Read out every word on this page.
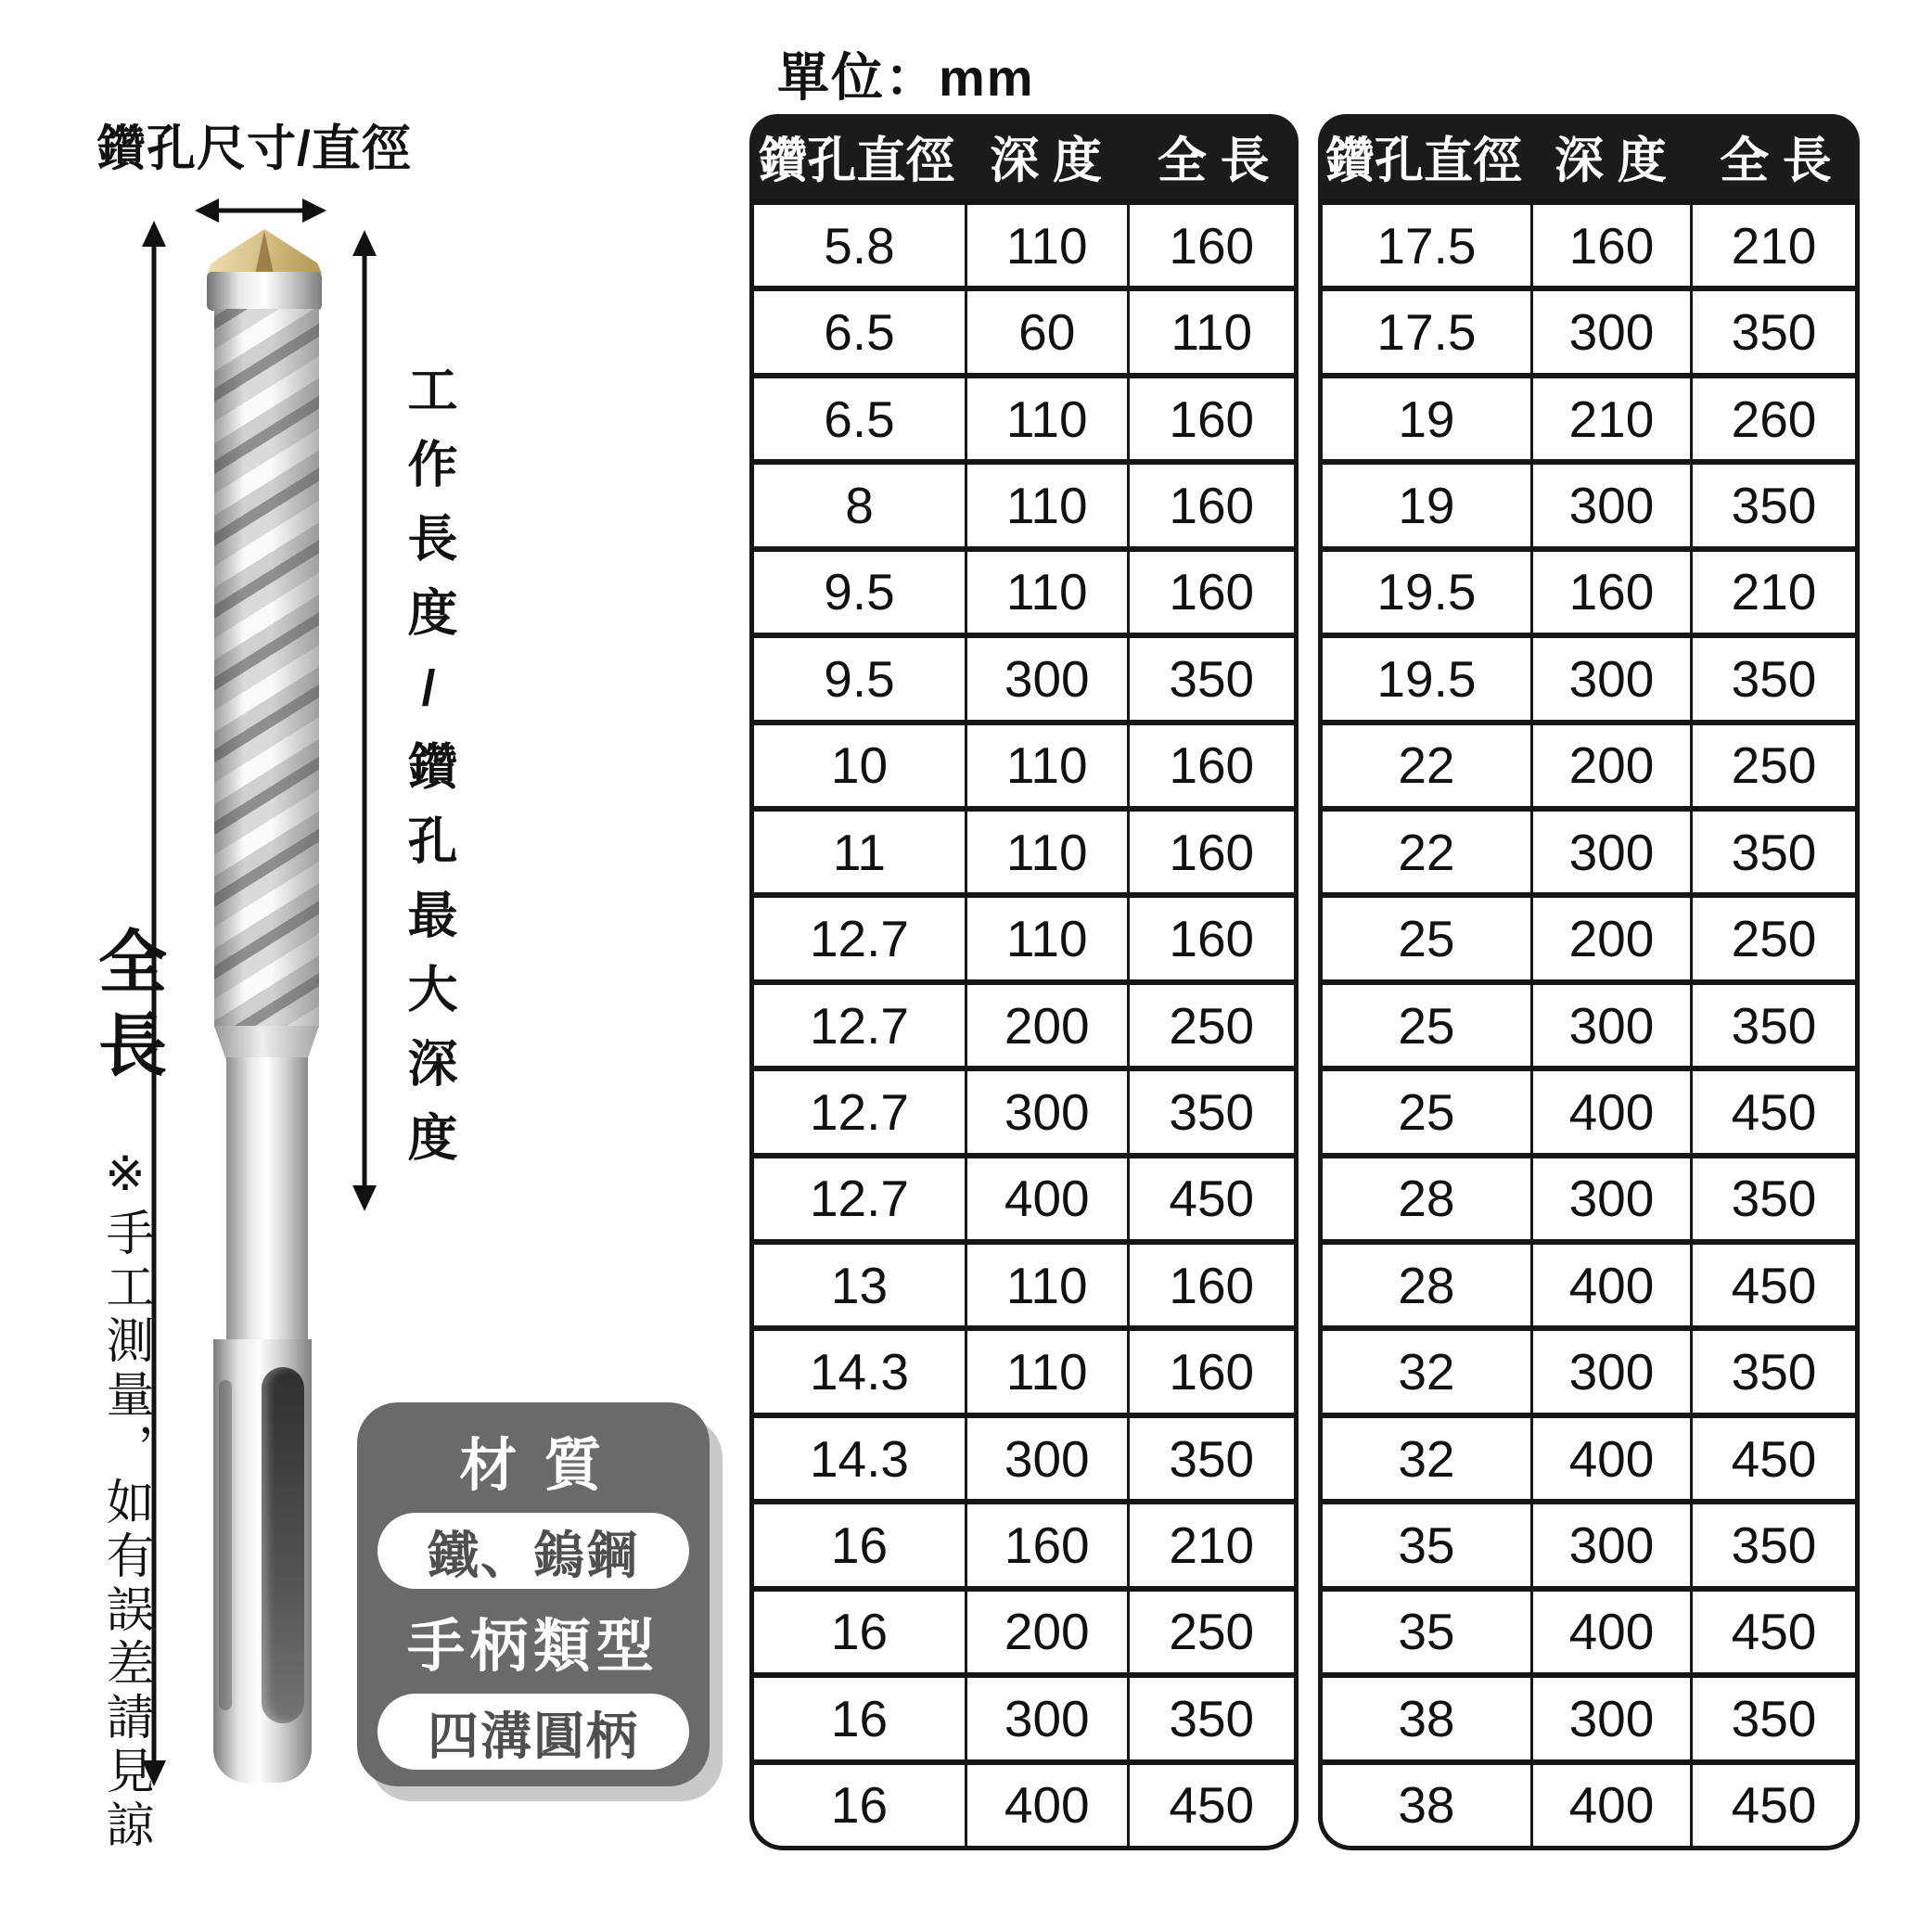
單位：mm
鑽孔尺寸/直徑
工作長度/鑽孔最大深度
全長
※手工測量，如有誤差請見諒	材 質
鐵、鎢鋼
手柄類型
四溝圓柄
鑽孔直徑 深 度	全 長
5.8	110	160
6.5	60	110
6.5	110	160
8	110	160
9.5	110	160
9.5	300	350
10	110	160
11	110	160
12.7	110	160
12.7	200	250
12.7	300	350
12.7	400	450
13	110	160
14.3	110	160
14.3	300	350
16	160	210
16	200	250
16	300	350
16	400	450
鑽孔直徑 深 度	全 長
17.5	160	210
17.5	300	350
19	210	260
19	300	350
19.5	160	210
19.5	300	350
22	200	250
22	300	350
25	200	250
25	300	350
25	400	450
28	300	350
28	400	450
32	300	350
32	400	450
35	300	350
35	400	450
38	300	350
38	400	450
